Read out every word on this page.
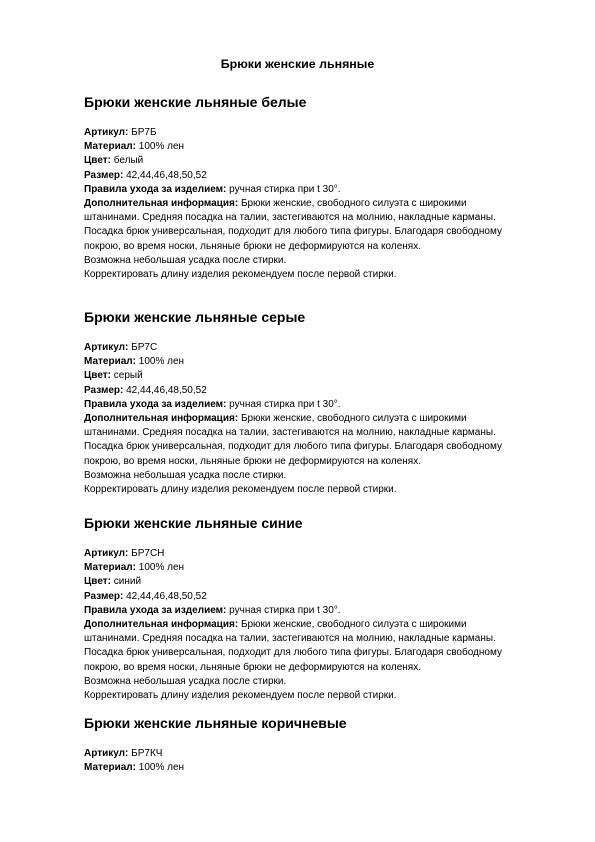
Брюки женские льняные
Брюки женские льняные белые
Артикул: БР7Б
Материал: 100% лен
Цвет: белый
Размер: 42,44,46,48,50,52
Правила ухода за изделием: ручная стирка при t 30°.
Дополнительная информация: Брюки женские, свободного силуэта с широкими
штанинами. Средняя посадка на талии, застегиваются на молнию, накладные карманы.
Посадка брюк универсальная, подходит для любого типа фигуры. Благодаря свободному
покрою, во время носки, льняные брюки не деформируются на коленях.
Возможна небольшая усадка после стирки.
Корректировать длину изделия рекомендуем после первой стирки.
Брюки женские льняные серые
Артикул: БР7С
Материал: 100% лен
Цвет: серый
Размер: 42,44,46,48,50,52
Правила ухода за изделием: ручная стирка при t 30°.
Дополнительная информация: Брюки женские, свободного силуэта с широкими
штанинами. Средняя посадка на талии, застегиваются на молнию, накладные карманы.
Посадка брюк универсальная, подходит для любого типа фигуры. Благодаря свободному
покрою, во время носки, льняные брюки не деформируются на коленях.
Возможна небольшая усадка после стирки.
Корректировать длину изделия рекомендуем после первой стирки.
Брюки женские льняные синие
Артикул: БР7СН
Материал: 100% лен
Цвет: синий
Размер: 42,44,46,48,50,52
Правила ухода за изделием: ручная стирка при t 30°.
Дополнительная информация: Брюки женские, свободного силуэта с широкими
штанинами. Средняя посадка на талии, застегиваются на молнию, накладные карманы.
Посадка брюк универсальная, подходит для любого типа фигуры. Благодаря свободному
покрою, во время носки, льняные брюки не деформируются на коленях.
Возможна небольшая усадка после стирки.
Корректировать длину изделия рекомендуем после первой стирки.
Брюки женские льняные коричневые
Артикул: БР7КЧ
Материал: 100% лен
